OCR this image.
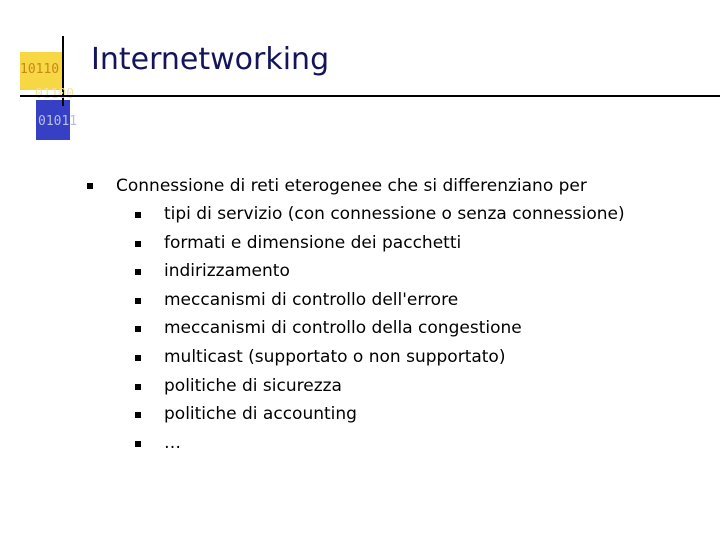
10110
01011
Internetworking
Connessione di reti eterogenee che si differenziano per
tipi di servizio (con connessione o senza connessione)
formati e dimensione dei pacchetti
indirizzamento
meccanismi di controllo dell'errore
meccanismi di controllo della congestione
multicast (supportato o non supportato)
politiche di sicurezza
politiche di accounting
…
